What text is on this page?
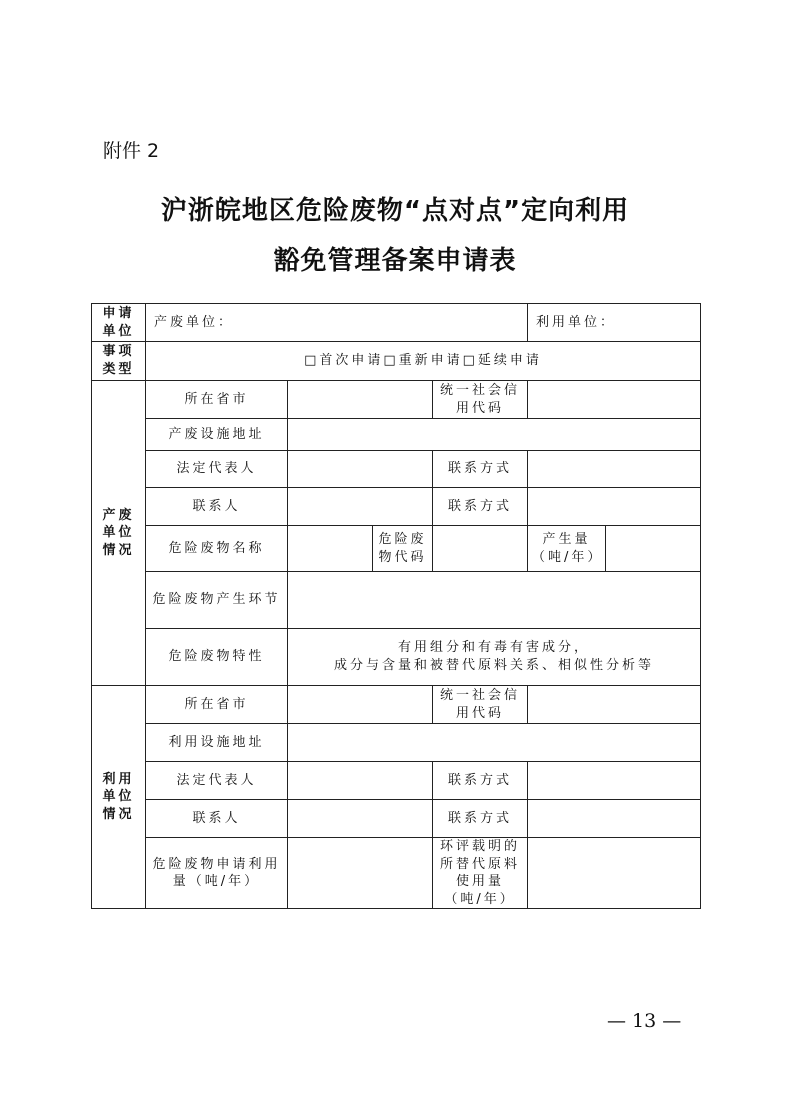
附件 2
沪浙皖地区危险废物“点对点”定向利用
豁免管理备案申请表
申请单位	产废单位：				利用单位：	
事项类型	□首次申请□重新申请□延续申请					
产废单位情况	所在省市			统一社会信用代码		
	产废设施地址					
	法定代表人			联系方式		
	联系人			联系方式		
	危险废物名称		危险废物代码		产生量（吨/年）	
	危险废物产生环节					
	危险废物特性	有用组分和有毒有害成分，
成分与含量和被替代原料关系、相似性分析等				

利用单位情况	所在省市			统一社会信用代码		
	利用设施地址					
	法定代表人			联系方式		
	联系人			联系方式		
	危险废物申请利用量（吨/年）			环评载明的所替代原料使用量（吨/年）		
— 13 —
